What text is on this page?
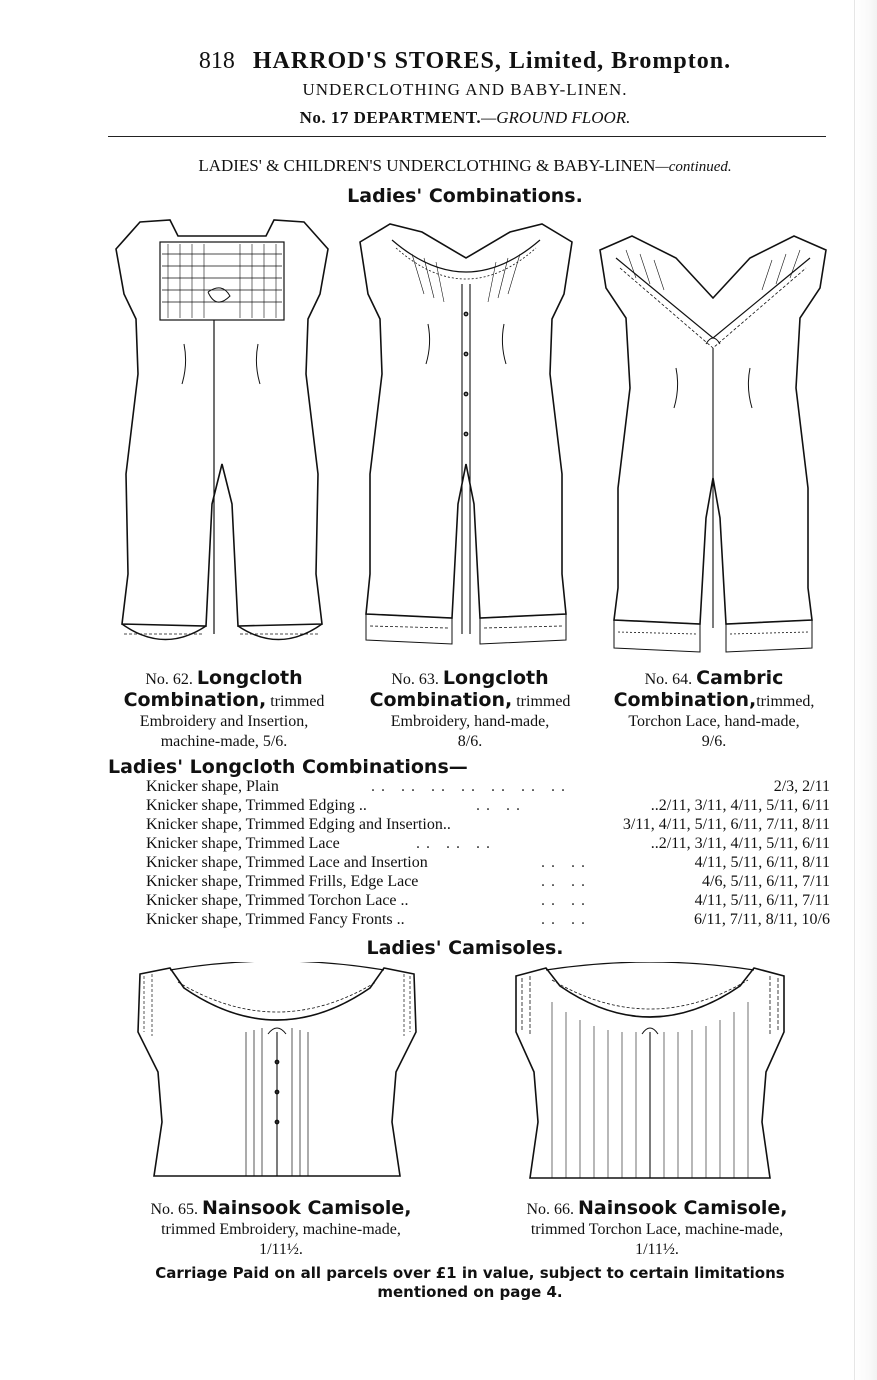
818 HARROD'S STORES, Limited, Brompton.
UNDERCLOTHING AND BABY-LINEN.
No. 17 DEPARTMENT.—GROUND FLOOR.
LADIES' & CHILDREN'S UNDERCLOTHING & BABY-LINEN—continued.
Ladies' Combinations.
No. 62. Longcloth
Combination, trimmed
Embroidery and Insertion,
machine-made, 5/6.
No. 63. Longcloth
Combination, trimmed
Embroidery, hand-made,
8/6.
No. 64. Cambric
Combination,trimmed,
Torchon Lace, hand-made,
9/6.
Ladies' Longcloth Combinations—
Knicker shape, Plain	.. .. .. .. .. .. ..	2/3, 2/11
Knicker shape, Trimmed Edging ..	.. ..	..2/11, 3/11, 4/11, 5/11, 6/11
Knicker shape, Trimmed Edging and Insertion..	3/11, 4/11, 5/11, 6/11, 7/11, 8/11
Knicker shape, Trimmed Lace	.. .. ..	..2/11, 3/11, 4/11, 5/11, 6/11
Knicker shape, Trimmed Lace and Insertion	.. ..	4/11, 5/11, 6/11, 8/11
Knicker shape, Trimmed Frills, Edge Lace	.. ..	4/6, 5/11, 6/11, 7/11
Knicker shape, Trimmed Torchon Lace ..	.. ..	4/11, 5/11, 6/11, 7/11
Knicker shape, Trimmed Fancy Fronts ..	.. ..	6/11, 7/11, 8/11, 10/6
Ladies' Camisoles.
No. 65. Nainsook Camisole,
trimmed Embroidery, machine-made,
1/11½.
No. 66. Nainsook Camisole,
trimmed Torchon Lace, machine-made,
1/11½.
Carriage Paid on all parcels over £1 in value, subject to certain limitations
mentioned on page 4.
